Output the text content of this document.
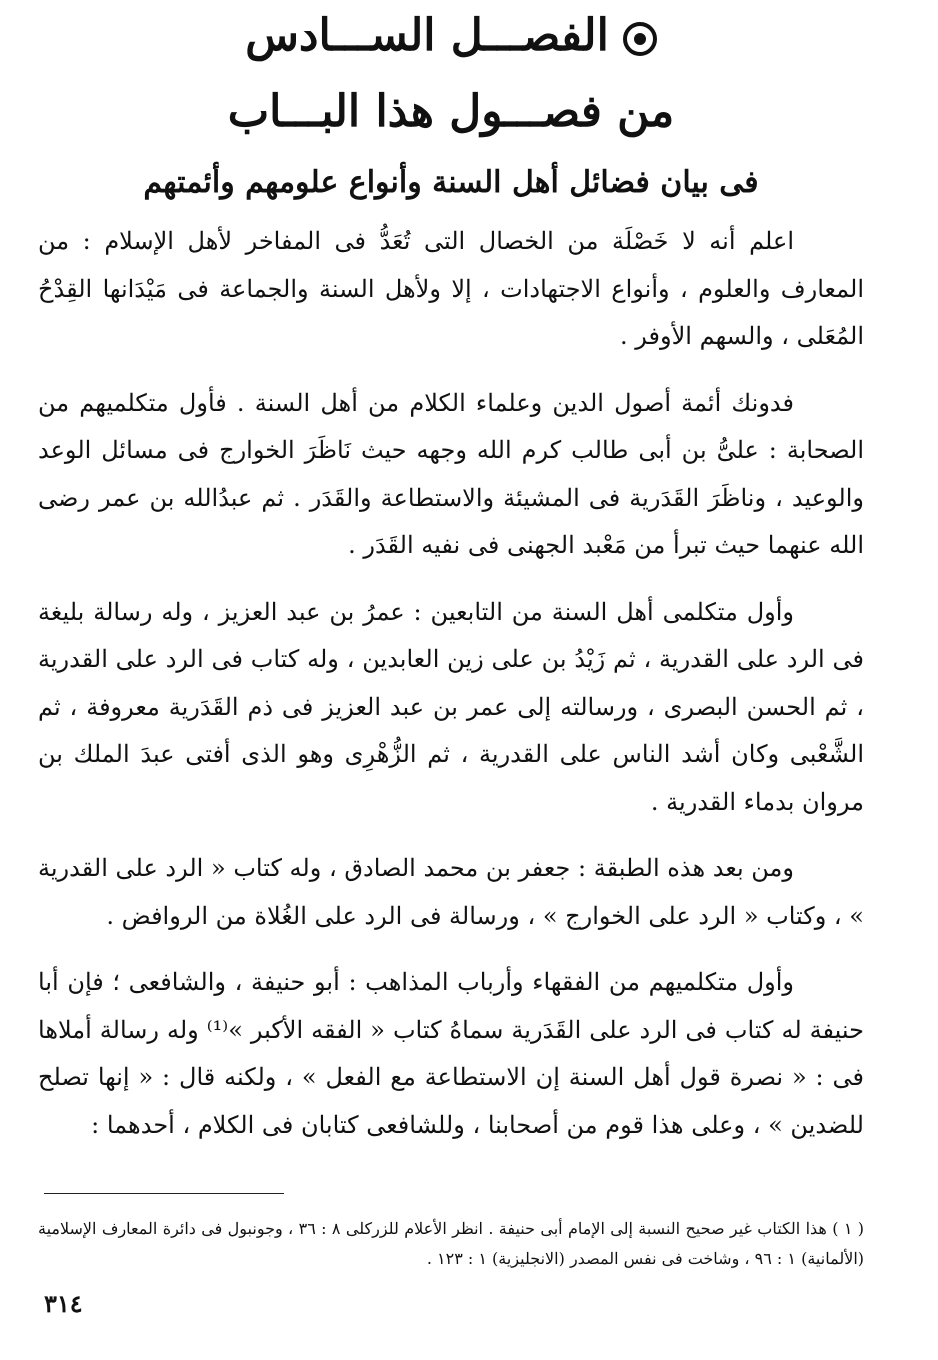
الفصـــل الســـادس
من فصـــول هذا البـــاب
فى بيان فضائل أهل السنة وأنواع علومهم وأئمتهم

اعلم أنه لا خَصْلَة من الخصال التى تُعَدُّ فى المفاخر لأهل الإسلام : من المعارف والعلوم ، وأنواع الاجتهادات ، إلا ولأهل السنة والجماعة فى مَيْدَانها القِدْحُ المُعَلى ، والسهم الأوفر .

فدونك أئمة أصول الدين وعلماء الكلام من أهل السنة . فأول متكلميهم من الصحابة : علىُّ بن أبى طالب كرم الله وجهه حيث نَاظَرَ الخوارج فى مسائل الوعد والوعيد ، وناظَرَ القَدَرية فى المشيئة والاستطاعة والقَدَر . ثم عبدُالله بن عمر رضى الله عنهما حيث تبرأ من مَعْبد الجهنى فى نفيه القَدَر .

وأول متكلمى أهل السنة من التابعين : عمرُ بن عبد العزيز ، وله رسالة بليغة فى الرد على القدرية ، ثم زَيْدُ بن على زين العابدين ، وله كتاب فى الرد على القدرية ، ثم الحسن البصرى ، ورسالته إلى عمر بن عبد العزيز فى ذم القَدَرية معروفة ، ثم الشَّعْبى وكان أشد الناس على القدرية ، ثم الزُّهْرِى وهو الذى أفتى عبدَ الملك بن مروان بدماء القدرية .

ومن بعد هذه الطبقة : جعفر بن محمد الصادق ، وله كتاب « الرد على القدرية » ، وكتاب « الرد على الخوارج » ، ورسالة فى الرد على الغُلاة من الروافض .

وأول متكلميهم من الفقهاء وأرباب المذاهب : أبو حنيفة ، والشافعى ؛ فإن أبا حنيفة له كتاب فى الرد على القَدَرية سماهُ كتاب « الفقه الأكبر »⁽¹⁾ وله رسالة أملاها فى : « نصرة قول أهل السنة إن الاستطاعة مع الفعل » ، ولكنه قال : « إنها تصلح للضدين » ، وعلى هذا قوم من أصحابنا ، وللشافعى كتابان فى الكلام ، أحدهما :

( ١ ) هذا الكتاب غير صحيح النسبة إلى الإمام أبى حنيفة . انظر الأعلام للزركلى ٨ : ٣٦ ، وجونبول فى دائرة المعارف الإسلامية (الألمانية) ١ : ٩٦ ، وشاخت فى نفس المصدر (الانجليزية) ١ : ١٢٣ .
٣١٤
